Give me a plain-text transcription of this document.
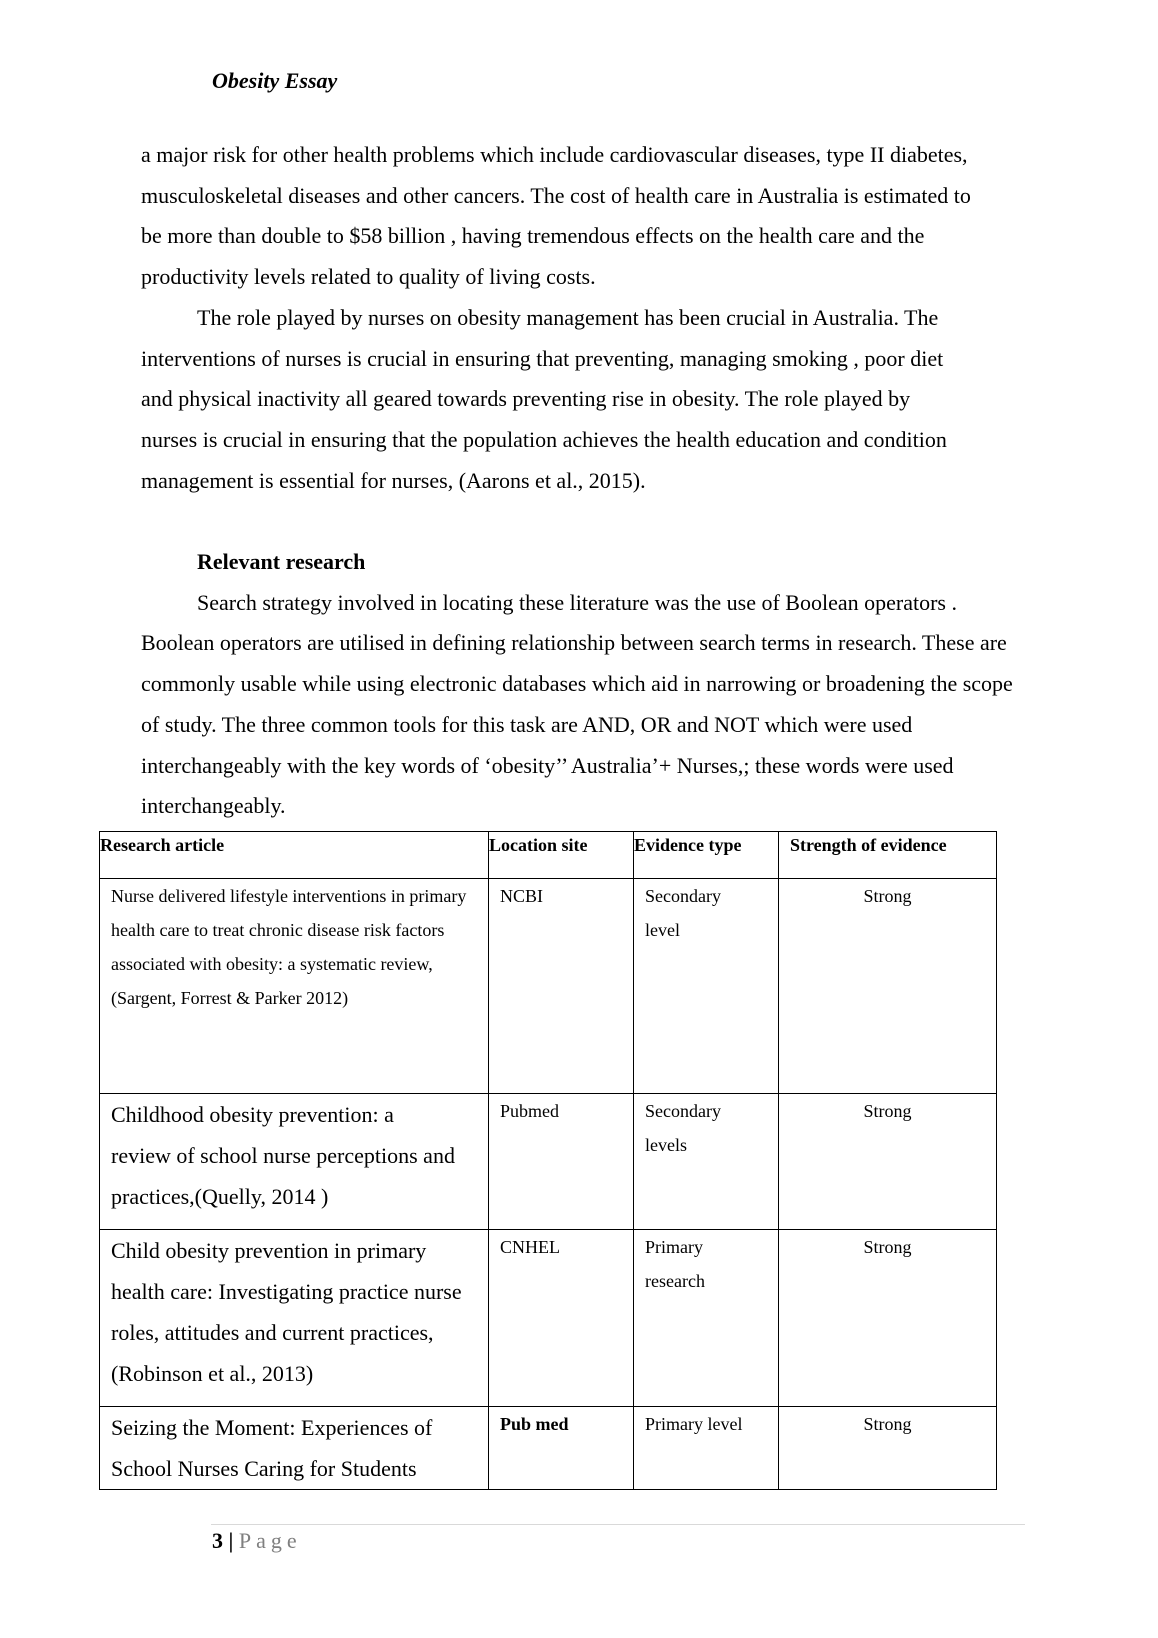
Obesity Essay

a major risk for other health problems which include cardiovascular diseases, type II diabetes, musculoskeletal diseases and other cancers. The cost of health care in Australia is estimated to be more than double to $58 billion , having tremendous effects on the health care and the productivity levels related to quality of living costs.

The role played by nurses on obesity management has been crucial in Australia. The interventions of nurses is crucial in ensuring that preventing, managing smoking , poor diet and physical inactivity all geared towards preventing rise in obesity. The role played by nurses is crucial in ensuring that the population achieves the health education and condition management is essential for nurses, (Aarons et al., 2015).

Relevant research

Search strategy involved in locating these literature was the use of Boolean operators . Boolean operators are utilised in defining relationship between search terms in research. These are commonly usable while using electronic databases which aid in narrowing or broadening the scope of study. The three common tools for this task are AND, OR and NOT which were used interchangeably with the key words of ‘obesity’’ Australia’+ Nurses,; these words were used interchangeably.

Research article	Location site	Evidence type	Strength of evidence
Nurse delivered lifestyle interventions in primary health care to treat chronic disease risk factors associated with obesity: a systematic review, (Sargent, Forrest & Parker 2012)	NCBI	Secondary level	Strong
Childhood obesity prevention: a review of school nurse perceptions and practices,(Quelly, 2014 )	Pubmed	Secondary levels	Strong
Child obesity prevention in primary health care: Investigating practice nurse roles, attitudes and current practices, (Robinson et al., 2013)	CNHEL	Primary research	Strong
Seizing the Moment: Experiences of School Nurses Caring for Students	Pub med	Primary level	Strong
3 | Page
